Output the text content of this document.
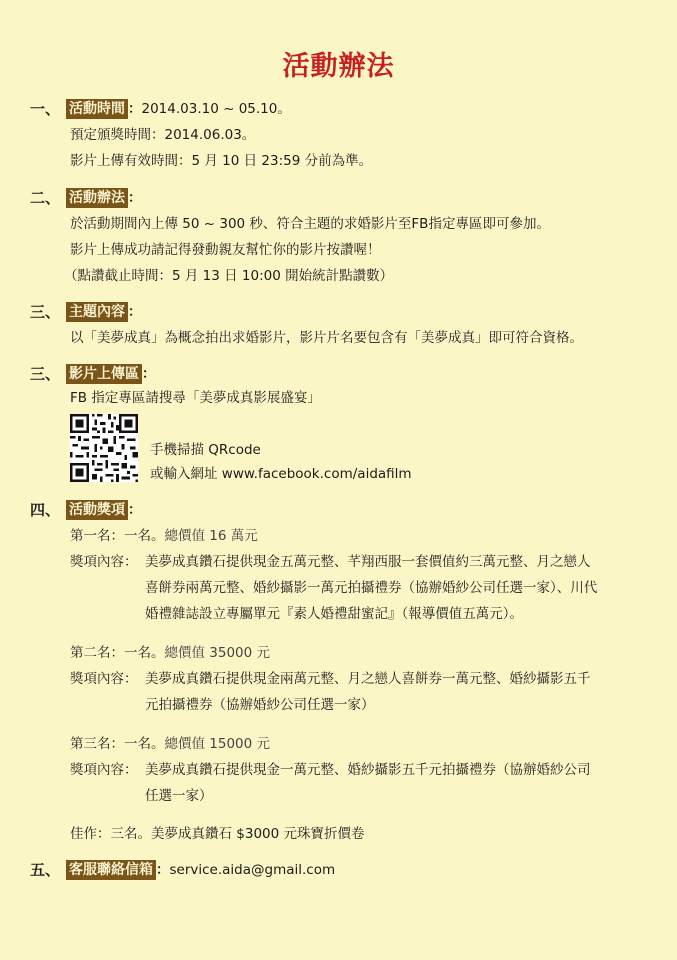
活動辦法
一、 活動時間 ：2014.03.10 ~ 05.10。
預定頒獎時間：2014.06.03。
影片上傳有效時間：5 月 10 日 23:59 分前為準。
二、 活動辦法 ：
於活動期間內上傳 50 ~ 300 秒、符合主題的求婚影片至FB指定專區即可參加。
影片上傳成功請記得發動親友幫忙你的影片按讚喔！
（點讚截止時間：5 月 13 日 10:00 開始統計點讚數）
三、 主題內容 ：
以「美夢成真」為概念拍出求婚影片，影片片名要包含有「美夢成真」即可符合資格。
三、 影片上傳區 ：
FB 指定專區請搜尋「美夢成真影展盛宴」
手機掃描 QRcode
或輸入網址 www.facebook.com/aidafilm
四、 活動獎項 ：
第一名：一名。總價值 16 萬元
獎項內容： 美夢成真鑽石提供現金五萬元整、芊翔西服一套價值約三萬元整、月之戀人
喜餅券兩萬元整、婚紗攝影一萬元拍攝禮券（協辦婚紗公司任選一家）、川代
婚禮雜誌設立專屬單元『素人婚禮甜蜜記』（報導價值五萬元）。
第二名：一名。總價值 35000 元
獎項內容： 美夢成真鑽石提供現金兩萬元整、月之戀人喜餅券一萬元整、婚紗攝影五千
元拍攝禮券（協辦婚紗公司任選一家）
第三名：一名。總價值 15000 元
獎項內容： 美夢成真鑽石提供現金一萬元整、婚紗攝影五千元拍攝禮券（協辦婚紗公司
任選一家）
佳作：三名。美夢成真鑽石 $3000 元珠寶折價卷
五、 客服聯絡信箱 ：service.aida@gmail.com
